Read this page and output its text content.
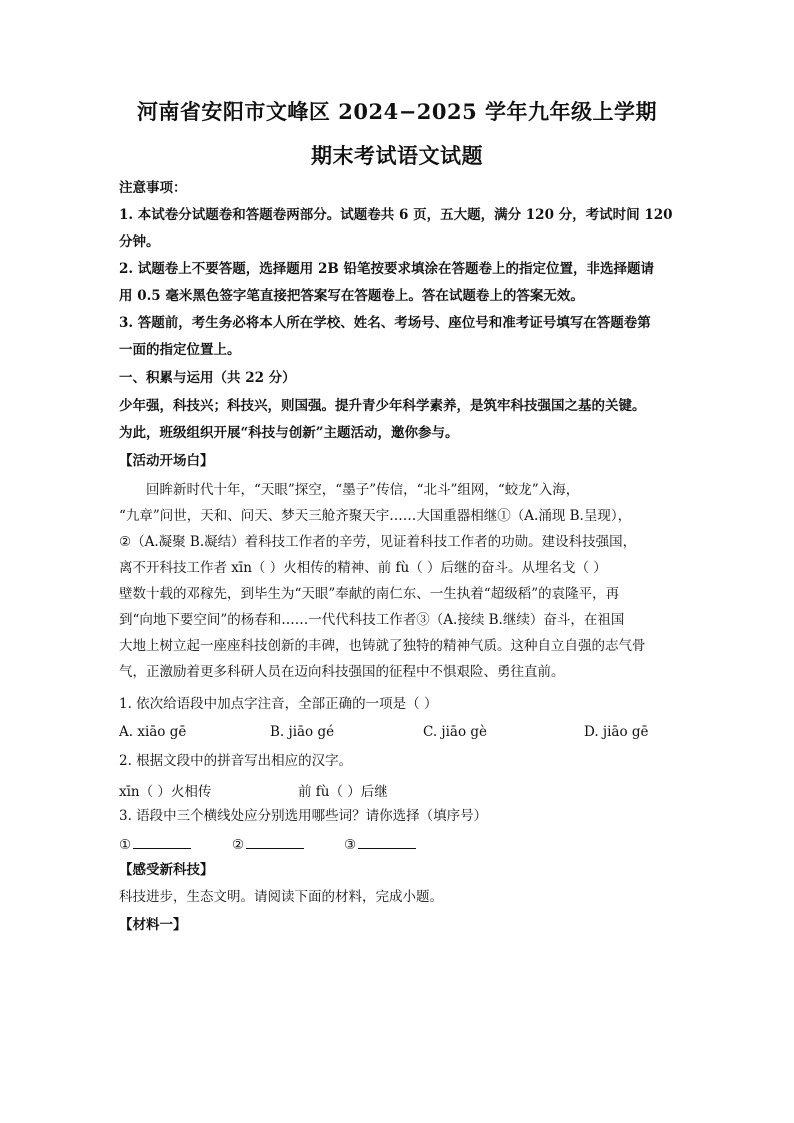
河南省安阳市文峰区 2024−2025 学年九年级上学期
期末考试语文试题
注意事项：
1. 本试卷分试题卷和答题卷两部分。试题卷共 6 页，五大题，满分 120 分，考试时间 120
分钟。
2. 试题卷上不要答题，选择题用 2B 铅笔按要求填涂在答题卷上的指定位置，非选择题请
用 0.5 毫米黑色签字笔直接把答案写在答题卷上。答在试题卷上的答案无效。
3. 答题前，考生务必将本人所在学校、姓名、考场号、座位号和准考证号填写在答题卷第
一面的指定位置上。
一、积累与运用（共 22 分）
少年强，科技兴；科技兴，则国强。提升青少年科学素养，是筑牢科技强国之基的关键。
为此，班级组织开展“科技与创新”主题活动，邀你参与。
【活动开场白】
回眸新时代十年，“天眼”探空，“墨子”传信，“北斗”组网，“蛟龙”入海，
“九章”问世，天和、问天、梦天三舱齐聚天宇……大国重器相继①（A.涌现 B.呈现），
②（A.凝聚 B.凝结）着科技工作者的辛劳，见证着科技工作者的功勋。建设科技强国，
离不开科技工作者 xīn（ ）火相传的精神、前 fù（ ）后继的奋斗。从埋名戈（ ）
壁数十载的邓稼先，到毕生为“天眼”奉献的南仁东、一生执着“超级稻”的袁隆平，再
到“向地下要空间”的杨春和……一代代科技工作者③（A.接续 B.继续）奋斗，在祖国
大地上树立起一座座科技创新的丰碑，也铸就了独特的精神气质。这种自立自强的志气骨
气，正激励着更多科研人员在迈向科技强国的征程中不惧艰险、勇往直前。
1. 依次给语段中加点字注音，全部正确的一项是（ ）
A. xiāo gē	B. jiāo gé	C. jiāo gè	D. jiāo gē
2. 根据文段中的拼音写出相应的汉字。
xīn（ ）火相传	前 fù（ ）后继
3. 语段中三个横线处应分别选用哪些词？请你选择（填序号）
①	②	③
【感受新科技】
科技进步，生态文明。请阅读下面的材料，完成小题。
【材料一】
